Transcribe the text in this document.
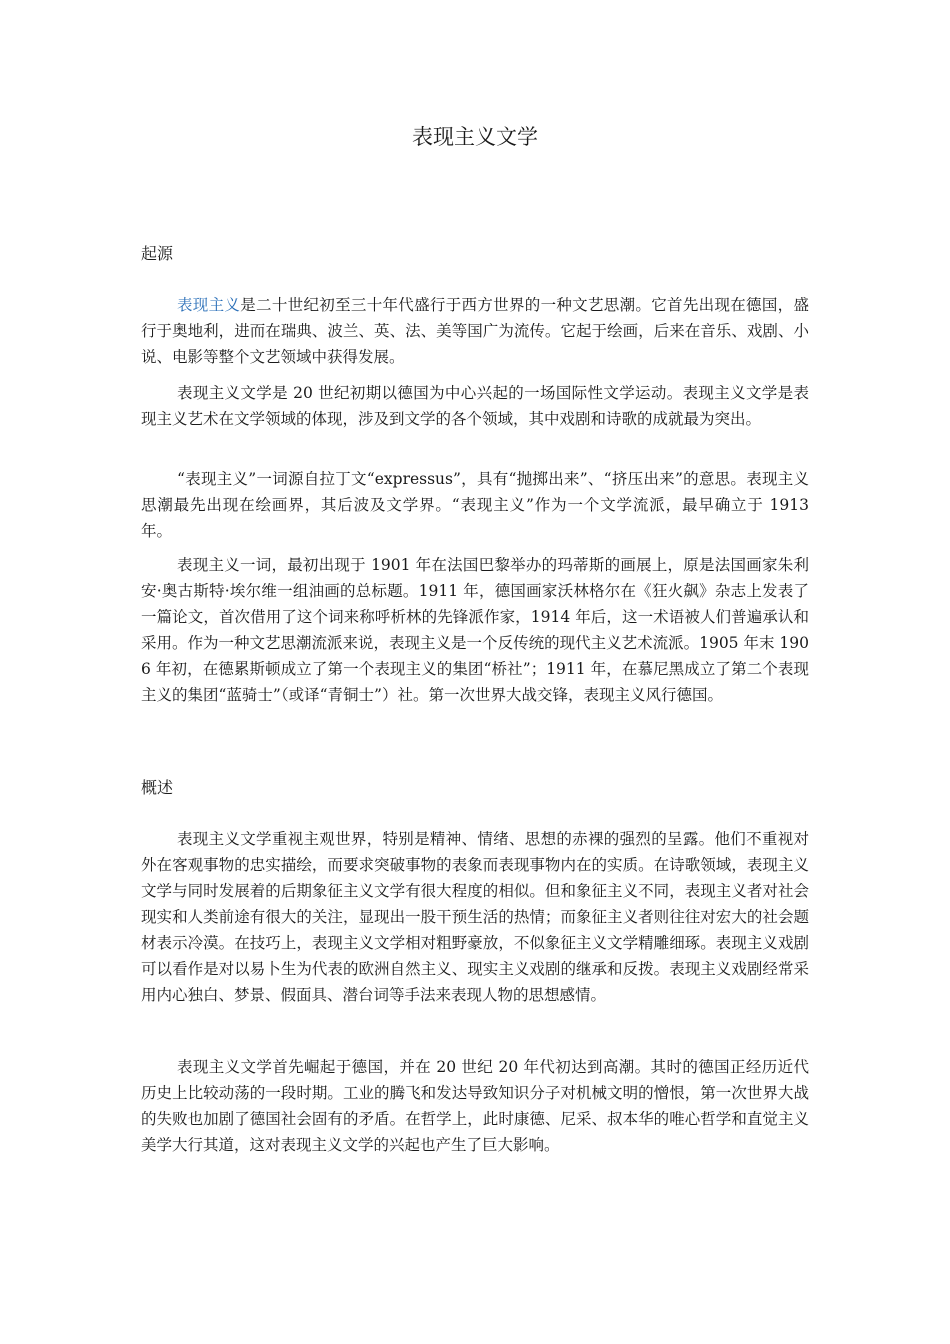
表现主义文学
起源

表现主义是二十世纪初至三十年代盛行于西方世界的一种文艺思潮。它首先出现在德国，盛行于奥地利，进而在瑞典、波兰、英、法、美等国广为流传。它起于绘画，后来在音乐、戏剧、小说、电影等整个文艺领域中获得发展。

表现主义文学是 20 世纪初期以德国为中心兴起的一场国际性文学运动。表现主义文学是表现主义艺术在文学领域的体现，涉及到文学的各个领域，其中戏剧和诗歌的成就最为突出。

“表现主义”一词源自拉丁文“expressus”，具有“抛掷出来”、“挤压出来”的意思。表现主义思潮最先出现在绘画界，其后波及文学界。“表现主义”作为一个文学流派，最早确立于 1913 年。

表现主义一词，最初出现于 1901 年在法国巴黎举办的玛蒂斯的画展上，原是法国画家朱利安·奥古斯特·埃尔维一组油画的总标题。1911 年，德国画家沃林格尔在《狂火飙》杂志上发表了一篇论文，首次借用了这个词来称呼析林的先锋派作家，1914 年后，这一术语被人们普遍承认和采用。作为一种文艺思潮流派来说，表现主义是一个反传统的现代主义艺术流派。1905 年末 1906 年初，在德累斯顿成立了第一个表现主义的集团“桥社”；1911 年，在慕尼黑成立了第二个表现主义的集团“蓝骑士”（或译“青铜士”）社。第一次世界大战交锋，表现主义风行德国。

概述

表现主义文学重视主观世界，特别是精神、情绪、思想的赤裸的强烈的呈露。他们不重视对外在客观事物的忠实描绘，而要求突破事物的表象而表现事物内在的实质。在诗歌领域，表现主义文学与同时发展着的后期象征主义文学有很大程度的相似。但和象征主义不同，表现主义者对社会现实和人类前途有很大的关注，显现出一股干预生活的热情；而象征主义者则往往对宏大的社会题材表示冷漠。在技巧上，表现主义文学相对粗野豪放，不似象征主义文学精雕细琢。表现主义戏剧可以看作是对以易卜生为代表的欧洲自然主义、现实主义戏剧的继承和反拨。表现主义戏剧经常采用内心独白、梦景、假面具、潜台词等手法来表现人物的思想感情。

表现主义文学首先崛起于德国，并在 20 世纪 20 年代初达到高潮。其时的德国正经历近代历史上比较动荡的一段时期。工业的腾飞和发达导致知识分子对机械文明的憎恨，第一次世界大战的失败也加剧了德国社会固有的矛盾。在哲学上，此时康德、尼采、叔本华的唯心哲学和直觉主义美学大行其道，这对表现主义文学的兴起也产生了巨大影响。
